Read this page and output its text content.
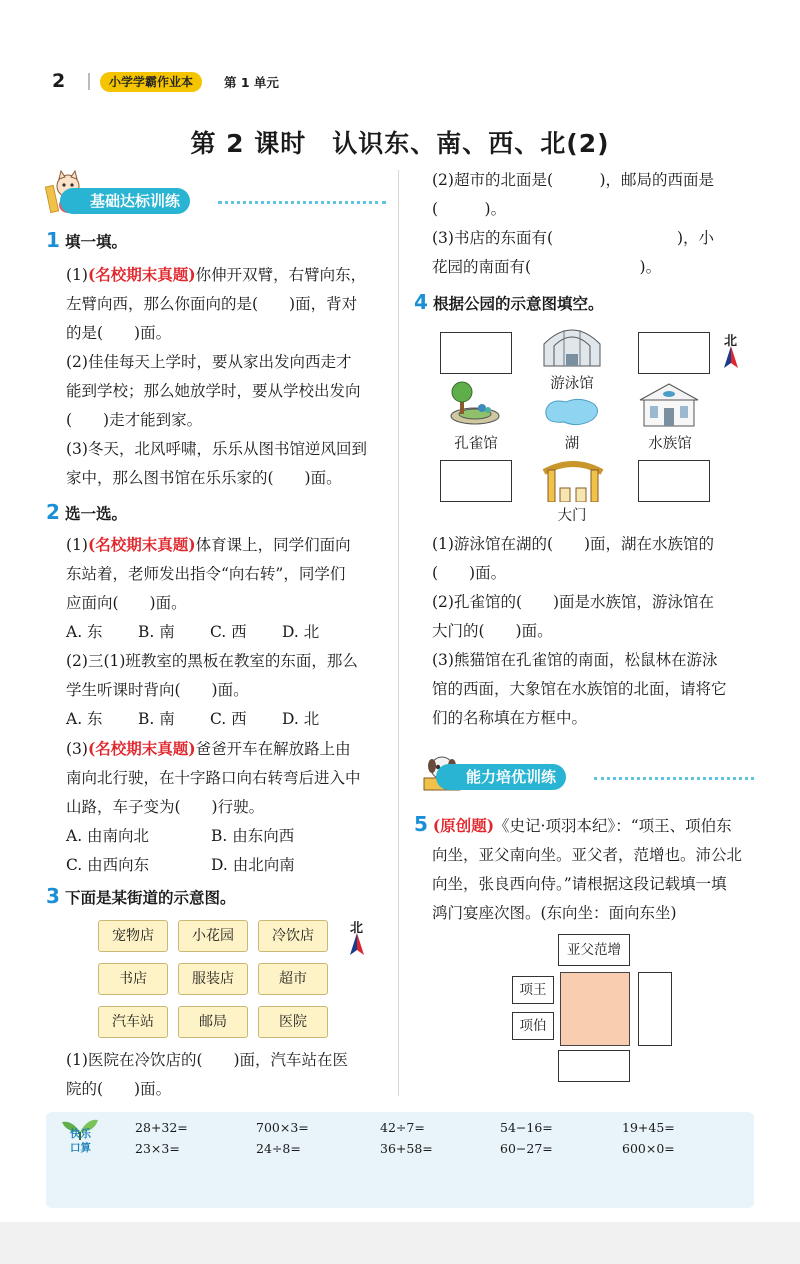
2	小学学霸作业本	第 1 单元
第 2 课时　认识东、南、西、北(2)
基础达标训练
1 填一填。
(1)(名校期末真题)你伸开双臂，右臂向东，
左臂向西，那么你面向的是(　　)面，背对
的是(　　)面。
(2)佳佳每天上学时，要从家出发向西走才
能到学校；那么她放学时，要从学校出发向
(　　)走才能到家。
(3)冬天，北风呼啸，乐乐从图书馆逆风回到
家中，那么图书馆在乐乐家的(　　)面。
2 选一选。
(1)(名校期末真题)体育课上，同学们面向
东站着，老师发出指令“向右转”，同学们
应面向(　　)面。
A. 东 B. 南 C. 西 D. 北
(2)三(1)班教室的黑板在教室的东面，那么
学生听课时背向(　　)面。
A. 东 B. 南 C. 西 D. 北
(3)(名校期末真题)爸爸开车在解放路上由
南向北行驶，在十字路口向右转弯后进入中
山路，车子变为(　　)行驶。
A. 由南向北	B. 由东向西
C. 由西向东	D. 由北向南
3 下面是某街道的示意图。
宠物店	小花园	冷饮店
书店	服装店	超市
汽车站	邮局	医院
北
(1)医院在冷饮店的(　　)面，汽车站在医
院的(　　)面。
(2)超市的北面是(　　　)，邮局的西面是
(　　　)。
(3)书店的东面有(　　　　　　　　)，小
花园的南面有(　　　　　　　)。
4 根据公园的示意图填空。
游泳馆
孔雀馆	湖	水族馆
大门
北
(1)游泳馆在湖的(　　)面，湖在水族馆的
(　　)面。
(2)孔雀馆的(　　)面是水族馆，游泳馆在
大门的(　　)面。
(3)熊猫馆在孔雀馆的南面，松鼠林在游泳
馆的西面，大象馆在水族馆的北面，请将它
们的名称填在方框中。
能力培优训练
5 (原创题)《史记·项羽本纪》：“项王、项伯东
向坐，亚父南向坐。亚父者，范增也。沛公北
向坐，张良西向侍。”请根据这段记载填一填
鸿门宴座次图。(东向坐：面向东坐)
亚父范增
项王
项伯
快乐
口算
28+32=	700×3=	42÷7=	54−16=	19+45=
23×3=	24÷8=	36+58=	60−27=	600×0=
